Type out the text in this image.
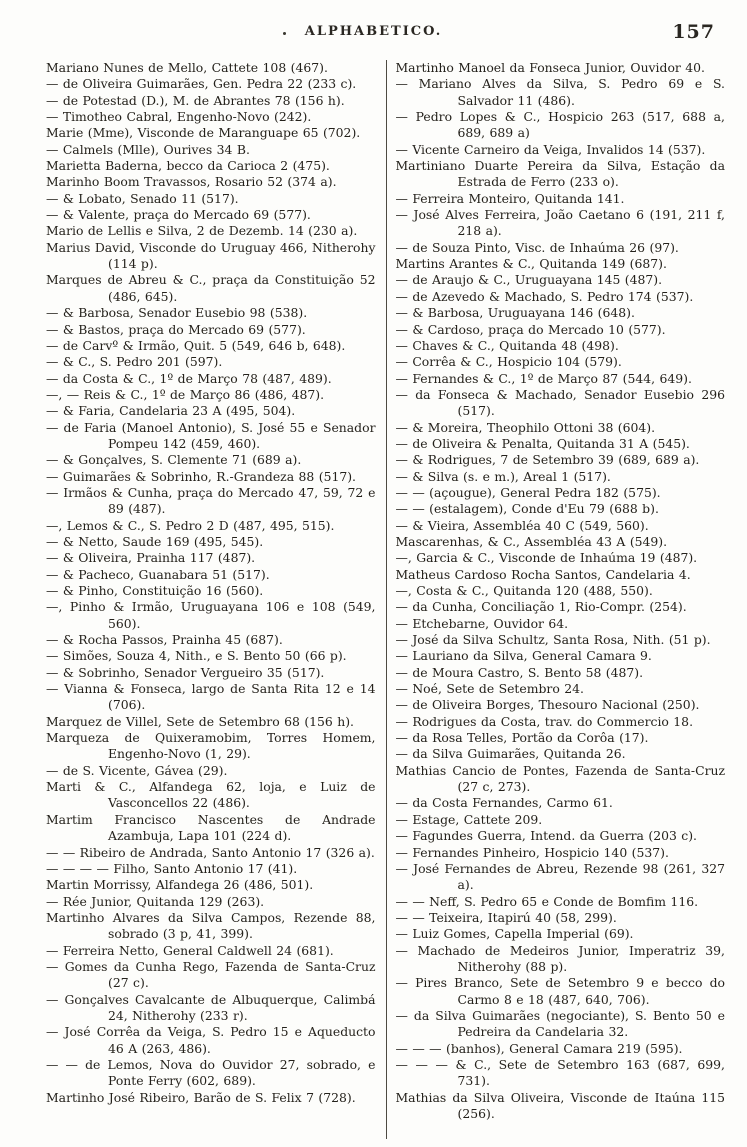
ALPHABETICO.	157

Mariano Nunes de Mello, Cattete 108 (467).

— de Oliveira Guimarães, Gen. Pedra 22 (233 c).

— de Potestad (D.), M. de Abrantes 78 (156 h).

— Timotheo Cabral, Engenho-Novo (242).

Marie (Mme), Visconde de Maranguape 65 (702).

— Calmels (Mlle), Ourives 34 B.

Marietta Baderna, becco da Carioca 2 (475).

Marinho Boom Travassos, Rosario 52 (374 a).

— & Lobato, Senado 11 (517).

— & Valente, praça do Mercado 69 (577).

Mario de Lellis e Silva, 2 de Dezemb. 14 (230 a).

Marius David, Visconde do Uruguay 466, Nitherohy (114 p).

Marques de Abreu & C., praça da Constituição 52 (486, 645).

— & Barbosa, Senador Eusebio 98 (538).

— & Bastos, praça do Mercado 69 (577).

— de Carvº & Irmão, Quit. 5 (549, 646 b, 648).

— & C., S. Pedro 201 (597).

— da Costa & C., 1º de Março 78 (487, 489).

—, — Reis & C., 1º de Março 86 (486, 487).

— & Faria, Candelaria 23 A (495, 504).

— de Faria (Manoel Antonio), S. José 55 e Senador Pompeu 142 (459, 460).

— & Gonçalves, S. Clemente 71 (689 a).

— Guimarães & Sobrinho, R.-Grandeza 88 (517).

— Irmãos & Cunha, praça do Mercado 47, 59, 72 e 89 (487).

—, Lemos & C., S. Pedro 2 D (487, 495, 515).

— & Netto, Saude 169 (495, 545).

— & Oliveira, Prainha 117 (487).

— & Pacheco, Guanabara 51 (517).

— & Pinho, Constituição 16 (560).

—, Pinho & Irmão, Uruguayana 106 e 108 (549, 560).

— & Rocha Passos, Prainha 45 (687).

— Simões, Souza 4, Nith., e S. Bento 50 (66 p).

— & Sobrinho, Senador Vergueiro 35 (517).

— Vianna & Fonseca, largo de Santa Rita 12 e 14 (706).

Marquez de Villel, Sete de Setembro 68 (156 h).

Marqueza de Quixeramobim, Torres Homem, Engenho-Novo (1, 29).

— de S. Vicente, Gávea (29).

Marti & C., Alfandega 62, loja, e Luiz de Vasconcellos 22 (486).

Martim Francisco Nascentes de Andrade Azambuja, Lapa 101 (224 d).

— — Ribeiro de Andrada, Santo Antonio 17 (326 a).

— — — — Filho, Santo Antonio 17 (41).

Martin Morrissy, Alfandega 26 (486, 501).

— Rée Junior, Quitanda 129 (263).

Martinho Alvares da Silva Campos, Rezende 88, sobrado (3 p, 41, 399).

— Ferreira Netto, General Caldwell 24 (681).

— Gomes da Cunha Rego, Fazenda de Santa-Cruz (27 c).

— Gonçalves Cavalcante de Albuquerque, Calimbá 24, Nitherohy (233 r).

— José Corrêa da Veiga, S. Pedro 15 e Aqueducto 46 A (263, 486).

— — de Lemos, Nova do Ouvidor 27, sobrado, e Ponte Ferry (602, 689).

Martinho José Ribeiro, Barão de S. Felix 7 (728).

Martinho Manoel da Fonseca Junior, Ouvidor 40.

— Mariano Alves da Silva, S. Pedro 69 e S. Salvador 11 (486).

— Pedro Lopes & C., Hospicio 263 (517, 688 a, 689, 689 a)

— Vicente Carneiro da Veiga, Invalidos 14 (537).

Martiniano Duarte Pereira da Silva, Estação da Estrada de Ferro (233 o).

— Ferreira Monteiro, Quitanda 141.

— José Alves Ferreira, João Caetano 6 (191, 211 f, 218 a).

— de Souza Pinto, Visc. de Inhaúma 26 (97).

Martins Arantes & C., Quitanda 149 (687).

— de Araujo & C., Uruguayana 145 (487).

— de Azevedo & Machado, S. Pedro 174 (537).

— & Barbosa, Uruguayana 146 (648).

— & Cardoso, praça do Mercado 10 (577).

— Chaves & C., Quitanda 48 (498).

— Corrêa & C., Hospicio 104 (579).

— Fernandes & C., 1º de Março 87 (544, 649).

— da Fonseca & Machado, Senador Eusebio 296 (517).

— & Moreira, Theophilo Ottoni 38 (604).

— de Oliveira & Penalta, Quitanda 31 A (545).

— & Rodrigues, 7 de Setembro 39 (689, 689 a).

— & Silva (s. e m.), Areal 1 (517).

— — (açougue), General Pedra 182 (575).

— — (estalagem), Conde d'Eu 79 (688 b).

— & Vieira, Assembléa 40 C (549, 560).

Mascarenhas, & C., Assembléa 43 A (549).

—, Garcia & C., Visconde de Inhaúma 19 (487).

Matheus Cardoso Rocha Santos, Candelaria 4.

—, Costa & C., Quitanda 120 (488, 550).

— da Cunha, Conciliação 1, Rio-Compr. (254).

— Etchebarne, Ouvidor 64.

— José da Silva Schultz, Santa Rosa, Nith. (51 p).

— Lauriano da Silva, General Camara 9.

— de Moura Castro, S. Bento 58 (487).

— Noé, Sete de Setembro 24.

— de Oliveira Borges, Thesouro Nacional (250).

— Rodrigues da Costa, trav. do Commercio 18.

— da Rosa Telles, Portão da Corôa (17).

— da Silva Guimarães, Quitanda 26.

Mathias Cancio de Pontes, Fazenda de Santa-Cruz (27 c, 273).

— da Costa Fernandes, Carmo 61.

— Estage, Cattete 209.

— Fagundes Guerra, Intend. da Guerra (203 c).

— Fernandes Pinheiro, Hospicio 140 (537).

— José Fernandes de Abreu, Rezende 98 (261, 327 a).

— — Neff, S. Pedro 65 e Conde de Bomfim 116.

— — Teixeira, Itapirú 40 (58, 299).

— Luiz Gomes, Capella Imperial (69).

— Machado de Medeiros Junior, Imperatriz 39, Nitherohy (88 p).

— Pires Branco, Sete de Setembro 9 e becco do Carmo 8 e 18 (487, 640, 706).

— da Silva Guimarães (negociante), S. Bento 50 e Pedreira da Candelaria 32.

— — — (banhos), General Camara 219 (595).

— — — & C., Sete de Setembro 163 (687, 699, 731).

Mathias da Silva Oliveira, Visconde de Itaúna 115 (256).
